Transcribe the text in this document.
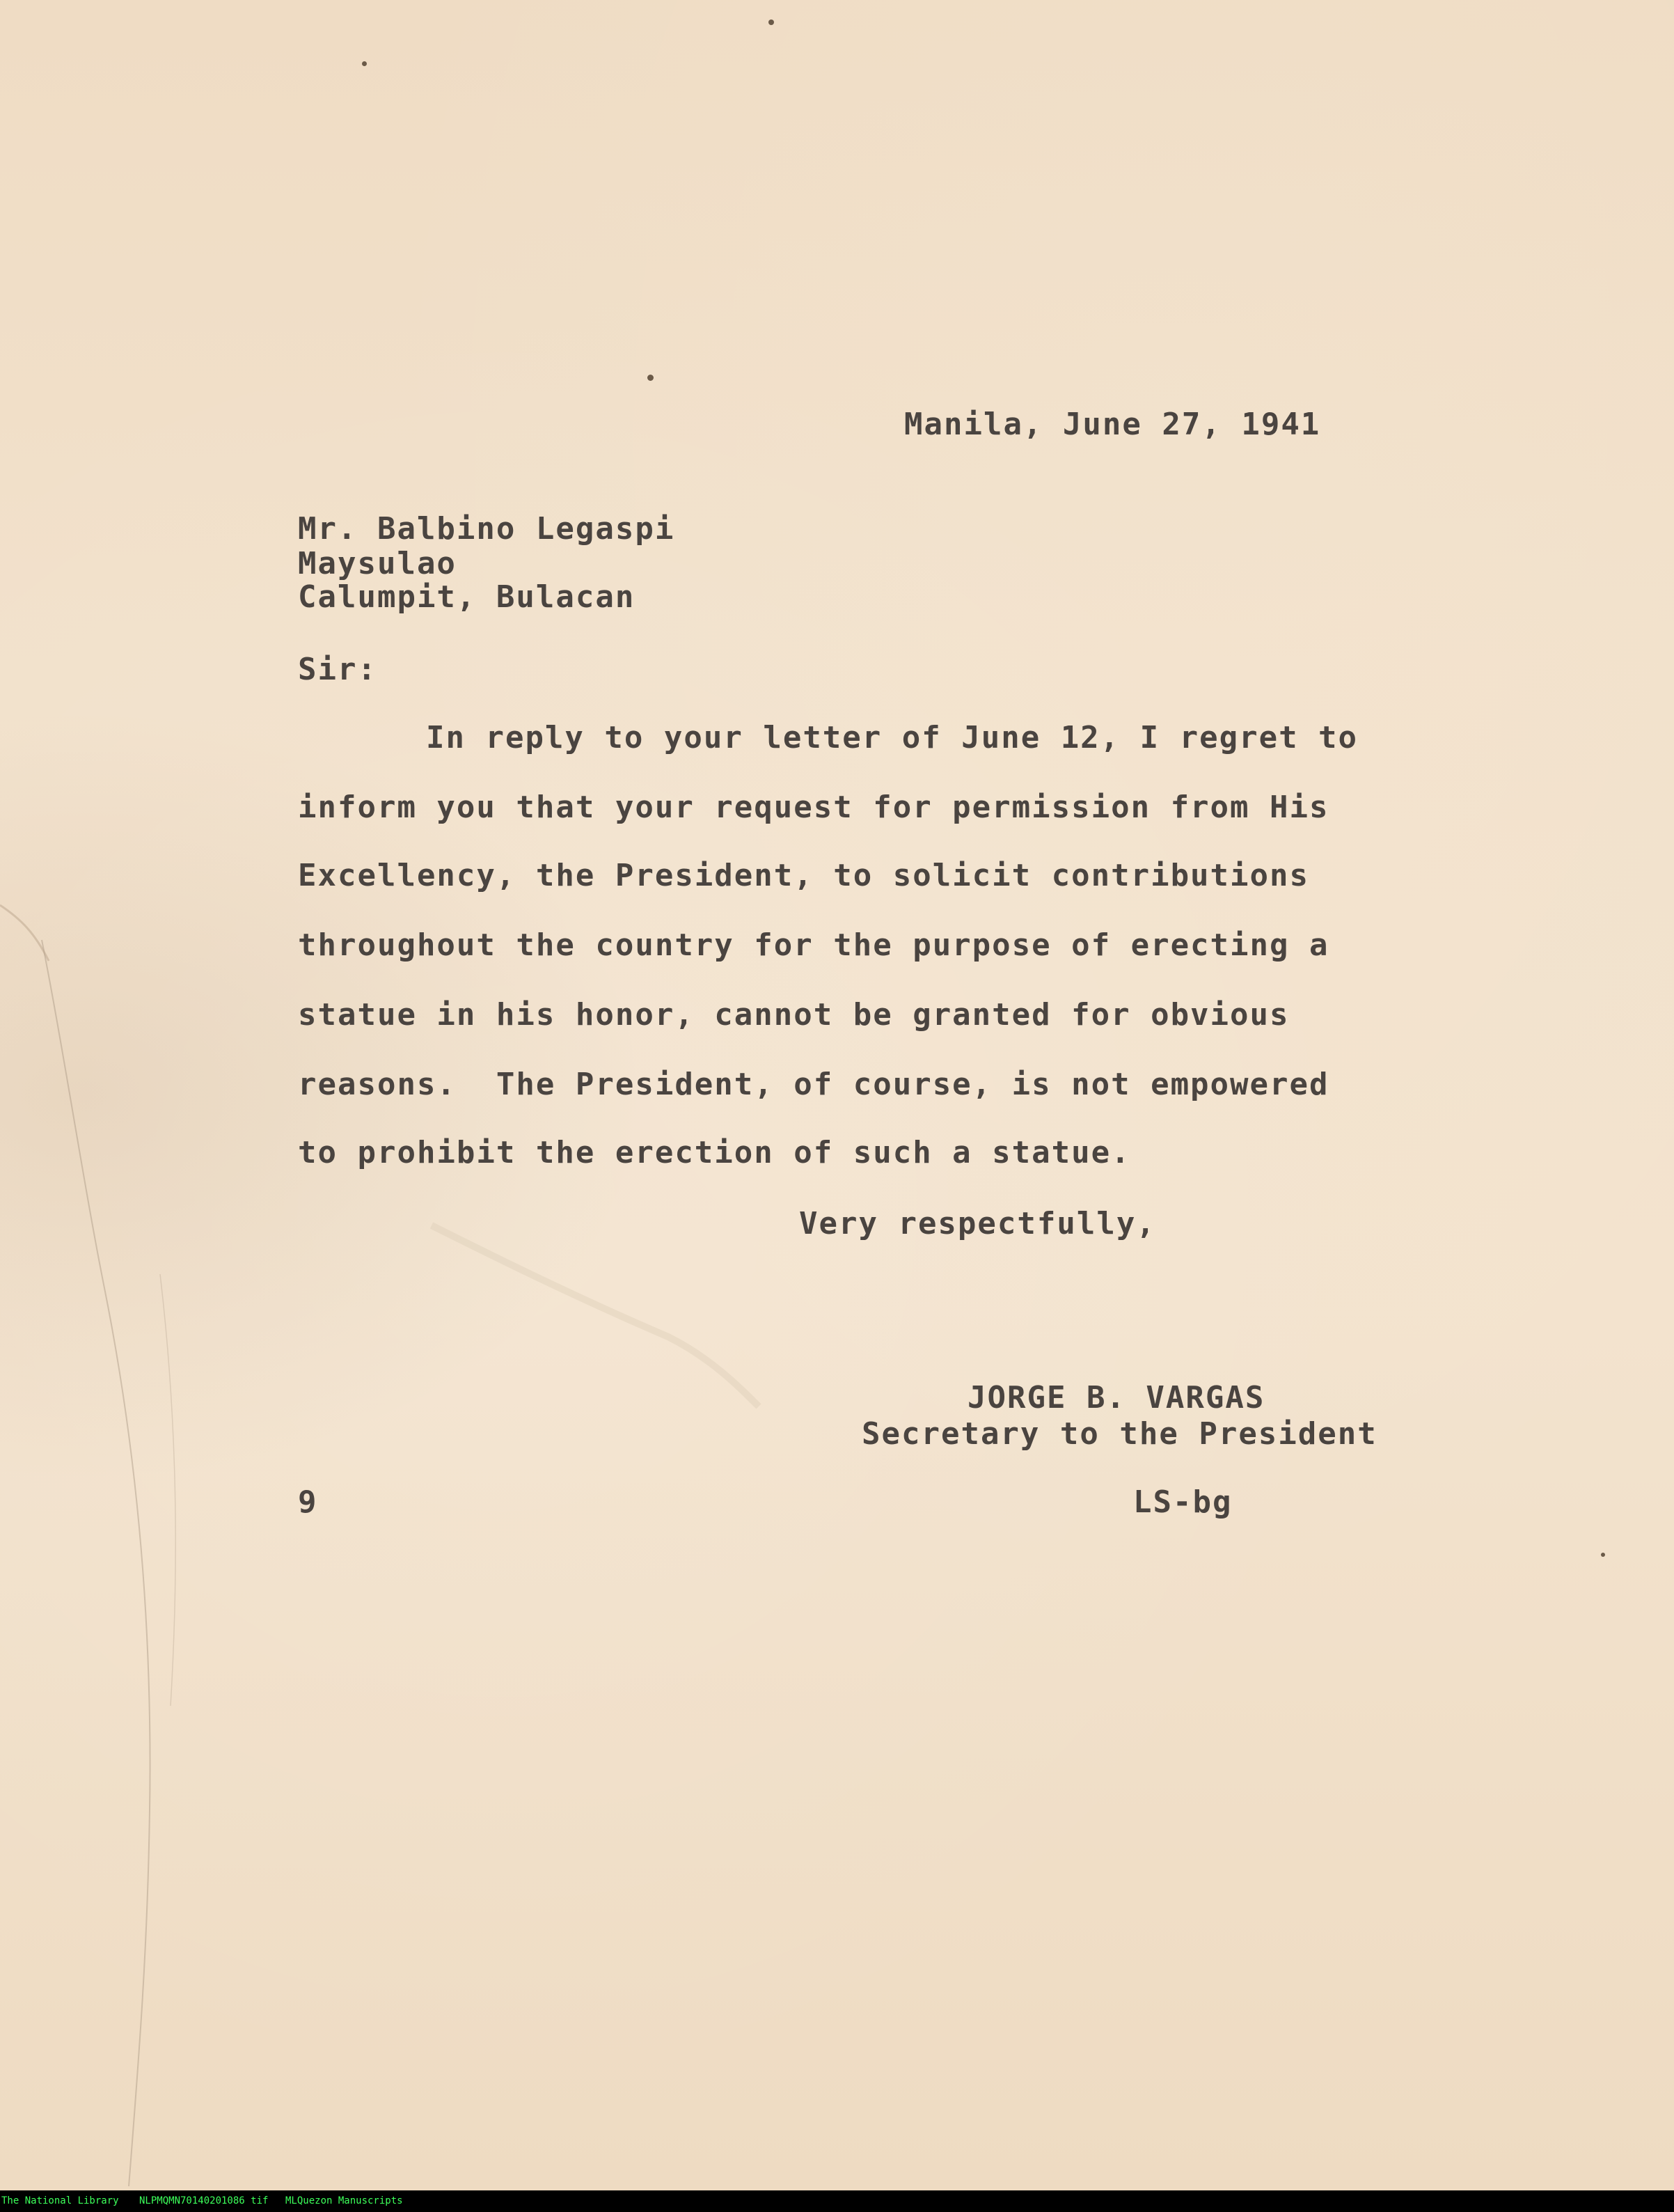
Manila, June 27, 1941
Mr. Balbino Legaspi
Maysulao
Calumpit, Bulacan
Sir:
In reply to your letter of June 12, I regret to
inform you that your request for permission from His
Excellency, the President, to solicit contributions
throughout the country for the purpose of erecting a
statue in his honor, cannot be granted for obvious
reasons.  The President, of course, is not empowered
to prohibit the erection of such a statue.
Very respectfully,
JORGE B. VARGAS
Secretary to the President
9	LS-bg
The National Library NLPMQMN70140201086 tif MLQuezon Manuscripts
